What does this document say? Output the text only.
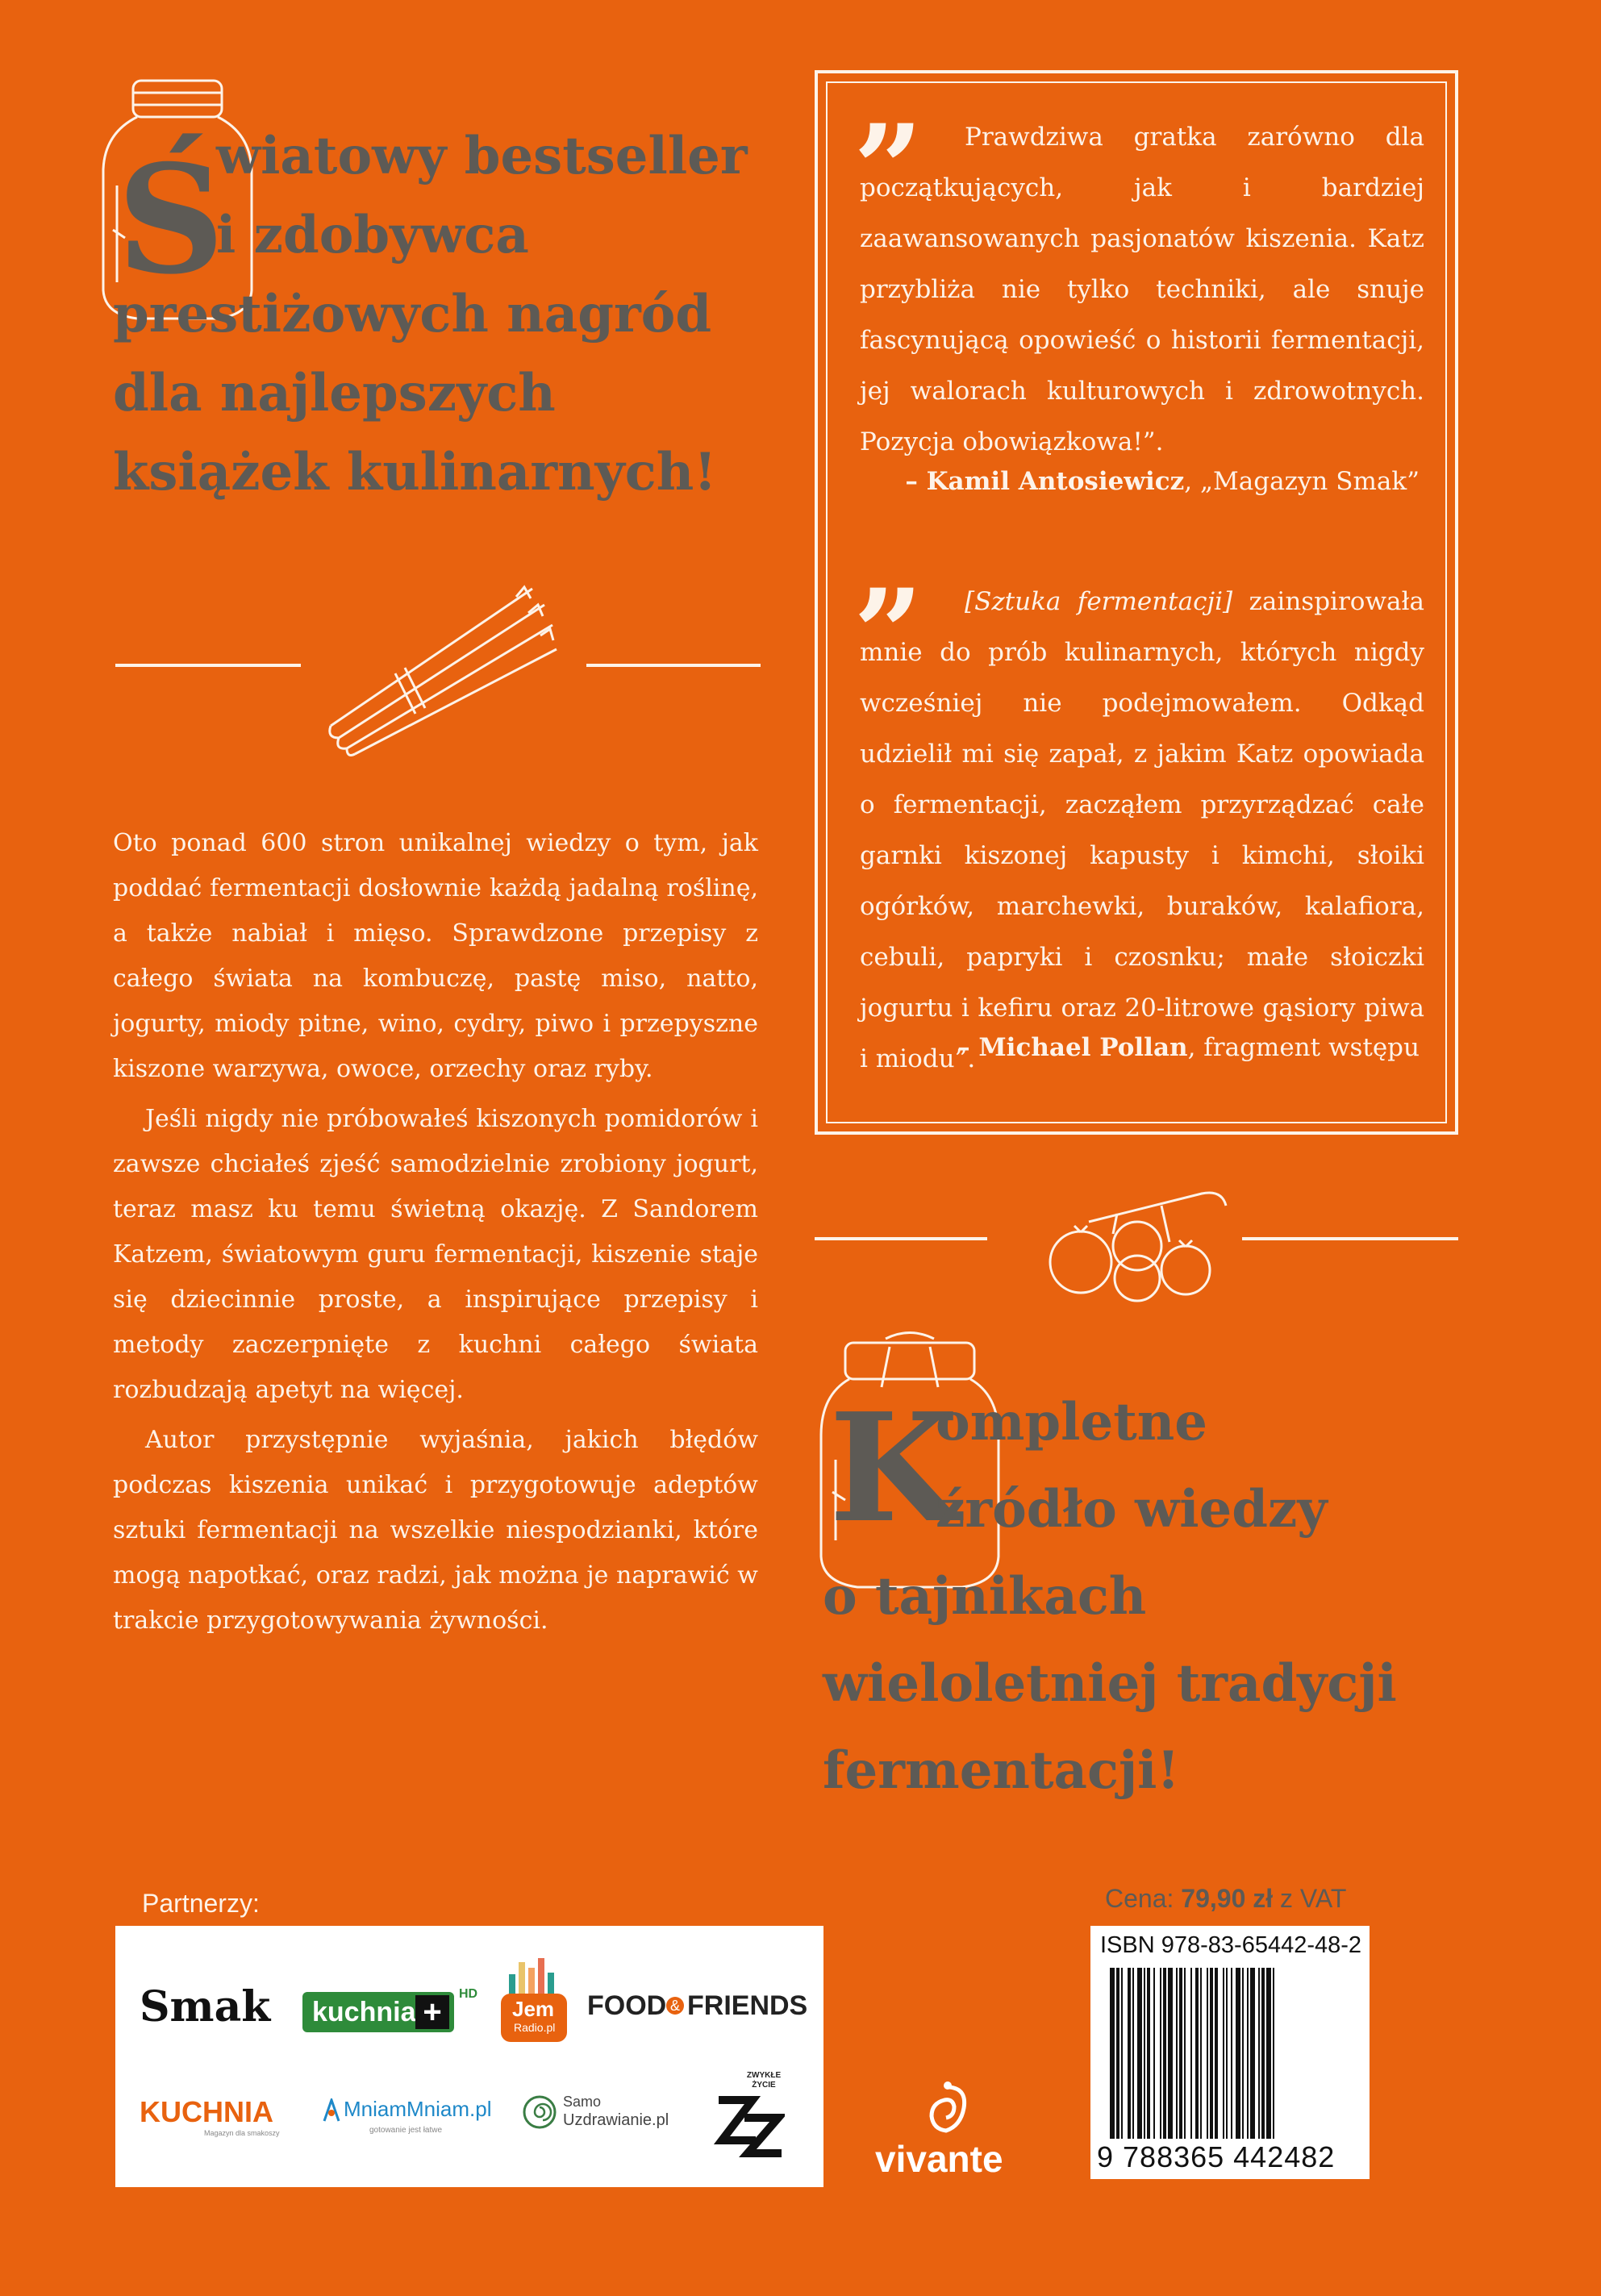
Ś

wiatowy bestseller

i zdobywca

prestiżowych nagród

dla najlepszych

książek kulinarnych!

Oto ponad 600 stron unikalnej wiedzy o tym, jak poddać fermentacji dosłownie każdą jadalną roślinę, a także nabiał i mięso. Sprawdzone przepisy z całego świata na kombuczę, pastę miso, natto, jogurty, miody pitne, wino, cydry, piwo i przepyszne kiszone warzywa, owoce, orzechy oraz ryby.

Jeśli nigdy nie próbowałeś kiszonych pomidorów i zawsze chciałeś zjeść samodzielnie zrobiony jogurt, teraz masz ku temu świetną okazję. Z Sandorem Katzem, światowym guru fermentacji, kiszenie staje się dziecinnie proste, a inspirujące przepisy i metody zaczerpnięte z kuchni całego świata rozbudzają apetyt na więcej.

Autor przystępnie wyjaśnia, jakich błędów podczas kiszenia unikać i przygotowuje adeptów sztuki fermentacji na wszelkie niespodzianki, które mogą napotkać, oraz radzi, jak można je naprawić w trakcie przygotowywania żywności.

”	Prawdziwa gratka zarówno dla początkujących, jak i bardziej zaawansowanych pasjonatów kiszenia. Katz przybliża nie tylko techniki, ale snuje fascynującą opowieść o historii fermentacji, jej walorach kulturowych i zdrowotnych. Pozycja obowiązkowa!”.
– Kamil Antosiewicz, „Magazyn Smak”
”	[Sztuka fermentacji] zainspirowała mnie do prób kulinarnych, których nigdy wcześniej nie podejmowałem. Odkąd udzielił mi się zapał, z jakim Katz opowiada o fermentacji, zacząłem przyrządzać całe garnki kiszonej kapusty i kimchi, słoiki ogórków, marchewki, buraków, kalafiora, cebuli, papryki i czosnku; małe słoiczki jogurtu i kefiru oraz 20-litrowe gąsiory piwa i miodu”.
– Michael Pollan, fragment wstępu
K

ompletne

źródło wiedzy

o tajnikach

wieloletniej tradycji

fermentacji!

Partnerzy:
Smak kuchnia +
HD
Jem
Radio.pl
FOOD & FRIENDS
KUCHNIA
Magazyn dla smakoszy
MniamMniam.pl
gotowanie jest łatwe
Samo
Uzdrawianie.pl
ZWYKŁE ŻYCIE
vivante
Cena: 79,90 zł z VAT
ISBN 978-83-65442-48-2
9 788365 442482
